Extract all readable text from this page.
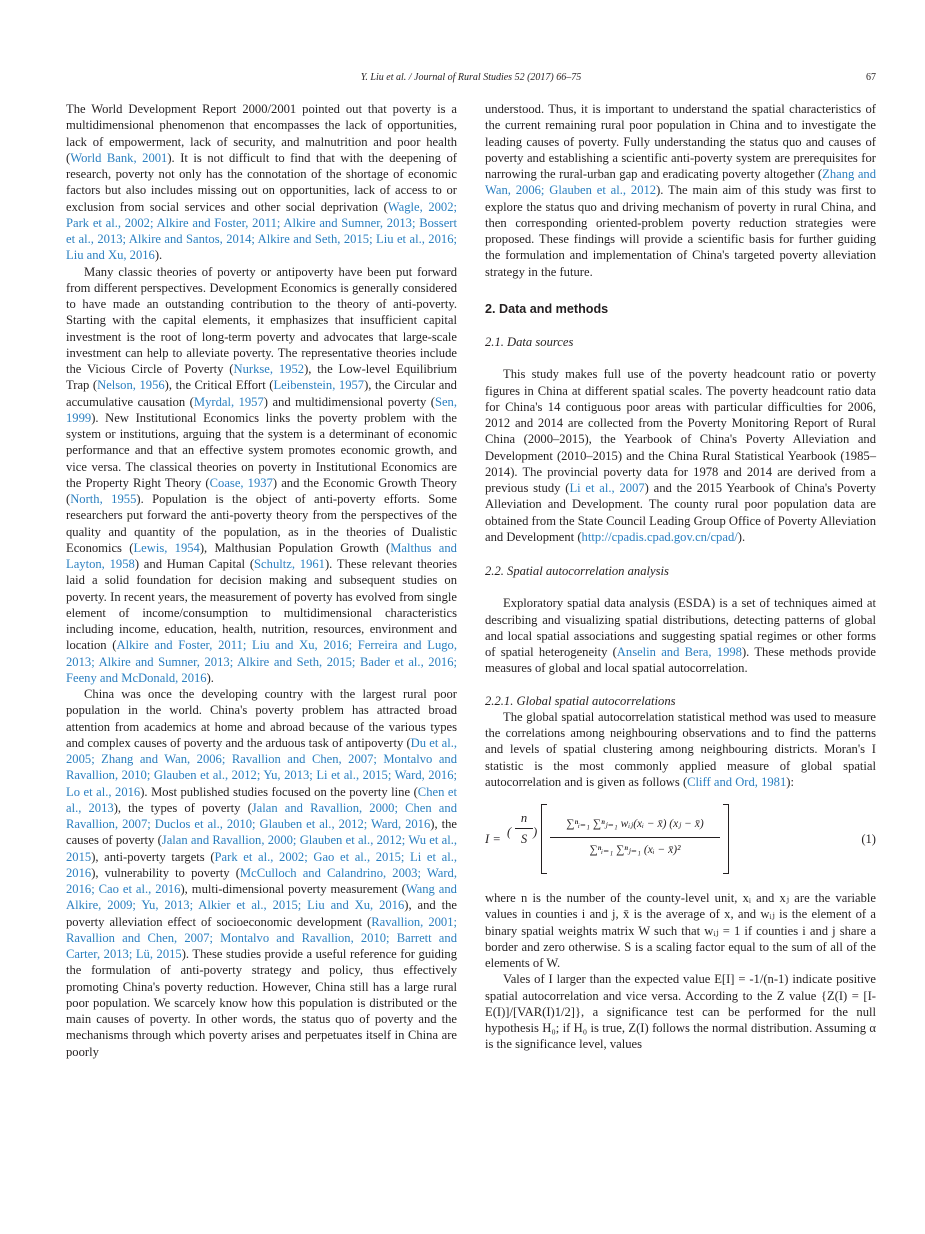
Y. Liu et al. / Journal of Rural Studies 52 (2017) 66–75	67

The World Development Report 2000/2001 pointed out that poverty is a multidimensional phenomenon that encompasses the lack of opportunities, lack of empowerment, lack of security, and malnutrition and poor health (World Bank, 2001). It is not difficult to find that with the deepening of research, poverty not only has the connotation of the shortage of economic factors but also includes missing out on opportunities, lack of access to or exclusion from social services and other social deprivation (Wagle, 2002; Park et al., 2002; Alkire and Foster, 2011; Alkire and Sumner, 2013; Bossert et al., 2013; Alkire and Santos, 2014; Alkire and Seth, 2015; Liu et al., 2016; Liu and Xu, 2016).

Many classic theories of poverty or antipoverty have been put forward from different perspectives. Development Economics is generally considered to have made an outstanding contribution to the theory of anti-poverty. Starting with the capital elements, it emphasizes that insufficient capital investment is the root of long-term poverty and advocates that large-scale investment can help to alleviate poverty. The representative theories include the Vicious Circle of Poverty (Nurkse, 1952), the Low-level Equilibrium Trap (Nelson, 1956), the Critical Effort (Leibenstein, 1957), the Circular and accumulative causation (Myrdal, 1957) and multidimensional poverty (Sen, 1999). New Institutional Economics links the poverty problem with the system or institutions, arguing that the system is a determinant of economic performance and that an effective system promotes economic growth, and vice versa. The classical theories on poverty in Institutional Economics are the Property Right Theory (Coase, 1937) and the Economic Growth Theory (North, 1955). Population is the object of anti-poverty efforts. Some researchers put forward the anti-poverty theory from the perspectives of the quality and quantity of the population, as in the theories of Dualistic Economics (Lewis, 1954), Malthusian Population Growth (Malthus and Layton, 1958) and Human Capital (Schultz, 1961). These relevant theories laid a solid foundation for decision making and subsequent studies on poverty. In recent years, the measurement of poverty has evolved from single element of income/consumption to multidimensional characteristics including income, education, health, nutrition, resources, environment and location (Alkire and Foster, 2011; Liu and Xu, 2016; Ferreira and Lugo, 2013; Alkire and Sumner, 2013; Alkire and Seth, 2015; Bader et al., 2016; Feeny and McDonald, 2016).

China was once the developing country with the largest rural poor population in the world. China's poverty problem has attracted broad attention from academics at home and abroad because of the various types and complex causes of poverty and the arduous task of antipoverty (Du et al., 2005; Zhang and Wan, 2006; Ravallion and Chen, 2007; Montalvo and Ravallion, 2010; Glauben et al., 2012; Yu, 2013; Li et al., 2015; Ward, 2016; Lo et al., 2016). Most published studies focused on the poverty line (Chen et al., 2013), the types of poverty (Jalan and Ravallion, 2000; Chen and Ravallion, 2007; Duclos et al., 2010; Glauben et al., 2012; Ward, 2016), the causes of poverty (Jalan and Ravallion, 2000; Glauben et al., 2012; Wu et al., 2015), anti-poverty targets (Park et al., 2002; Gao et al., 2015; Li et al., 2016), vulnerability to poverty (McCulloch and Calandrino, 2003; Ward, 2016; Cao et al., 2016), multi-dimensional poverty measurement (Wang and Alkire, 2009; Yu, 2013; Alkier et al., 2015; Liu and Xu, 2016), and the poverty alleviation effect of socioeconomic development (Ravallion, 2001; Ravallion and Chen, 2007; Montalvo and Ravallion, 2010; Barrett and Carter, 2013; Lü, 2015). These studies provide a useful reference for guiding the formulation of anti-poverty strategy and policy, thus effectively promoting China's poverty reduction. However, China still has a large rural poor population. We scarcely know how this population is distributed or the main causes of poverty. In other words, the status quo of poverty and the mechanisms through which poverty arises and perpetuates itself in China are poorly

understood. Thus, it is important to understand the spatial characteristics of the current remaining rural poor population in China and to investigate the leading causes of poverty. Fully understanding the status quo and causes of poverty and establishing a scientific anti-poverty system are prerequisites for narrowing the rural-urban gap and eradicating poverty altogether (Zhang and Wan, 2006; Glauben et al., 2012). The main aim of this study was first to explore the status quo and driving mechanism of poverty in rural China, and then corresponding oriented-problem poverty reduction strategies were proposed. These findings will provide a scientific basis for further guiding the formulation and implementation of China's targeted poverty alleviation strategy in the future.

2. Data and methods
2.1. Data sources

This study makes full use of the poverty headcount ratio or poverty figures in China at different spatial scales. The poverty headcount ratio data for China's 14 contiguous poor areas with particular difficulties for 2006, 2012 and 2014 are collected from the Poverty Monitoring Report of Rural China (2000–2015), the Yearbook of China's Poverty Alleviation and Development (2010–2015) and the China Rural Statistical Yearbook (1985–2014). The provincial poverty data for 1978 and 2014 are derived from a previous study (Li et al., 2007) and the 2015 Yearbook of China's Poverty Alleviation and Development. The county rural poor population data are obtained from the State Council Leading Group Office of Poverty Alleviation and Development (http://cpadis.cpad.gov.cn/cpad/).

2.2. Spatial autocorrelation analysis

Exploratory spatial data analysis (ESDA) is a set of techniques aimed at describing and visualizing spatial distributions, detecting patterns of global and local spatial associations and suggesting spatial regimes or other forms of spatial heterogeneity (Anselin and Bera, 1998). These methods provide measures of global and local spatial autocorrelation.

2.2.1. Global spatial autocorrelations

The global spatial autocorrelation statistical method was used to measure the correlations among neighbouring observations and to find the patterns and levels of spatial clustering among neighbouring districts. Moran's I statistic is the most commonly applied measure of global spatial autocorrelation and is given as follows (Cliff and Ord, 1981):

I = (
n
S
)
∑ⁿᵢ₌₁ ∑ⁿⱼ₌₁ wᵢⱼ(xᵢ − x̄) (xⱼ − x̄)
∑ⁿᵢ₌₁ ∑ⁿⱼ₌₁ (xᵢ − x̄)²
(1)

where n is the number of the county-level unit, xᵢ and xⱼ are the variable values in counties i and j, x̄ is the average of x, and wᵢⱼ is the element of a binary spatial weights matrix W such that wᵢⱼ = 1 if counties i and j share a border and zero otherwise. S is a scaling factor equal to the sum of all of the elements of W.

Vales of I larger than the expected value E[I] = -1/(n-1) indicate positive spatial autocorrelation and vice versa. According to the Z value {Z(I) = [I-E(I)]/[VAR(I)1/2]}, a significance test can be performed for the null hypothesis H₀; if H₀ is true, Z(I) follows the normal distribution. Assuming α is the significance level, values
